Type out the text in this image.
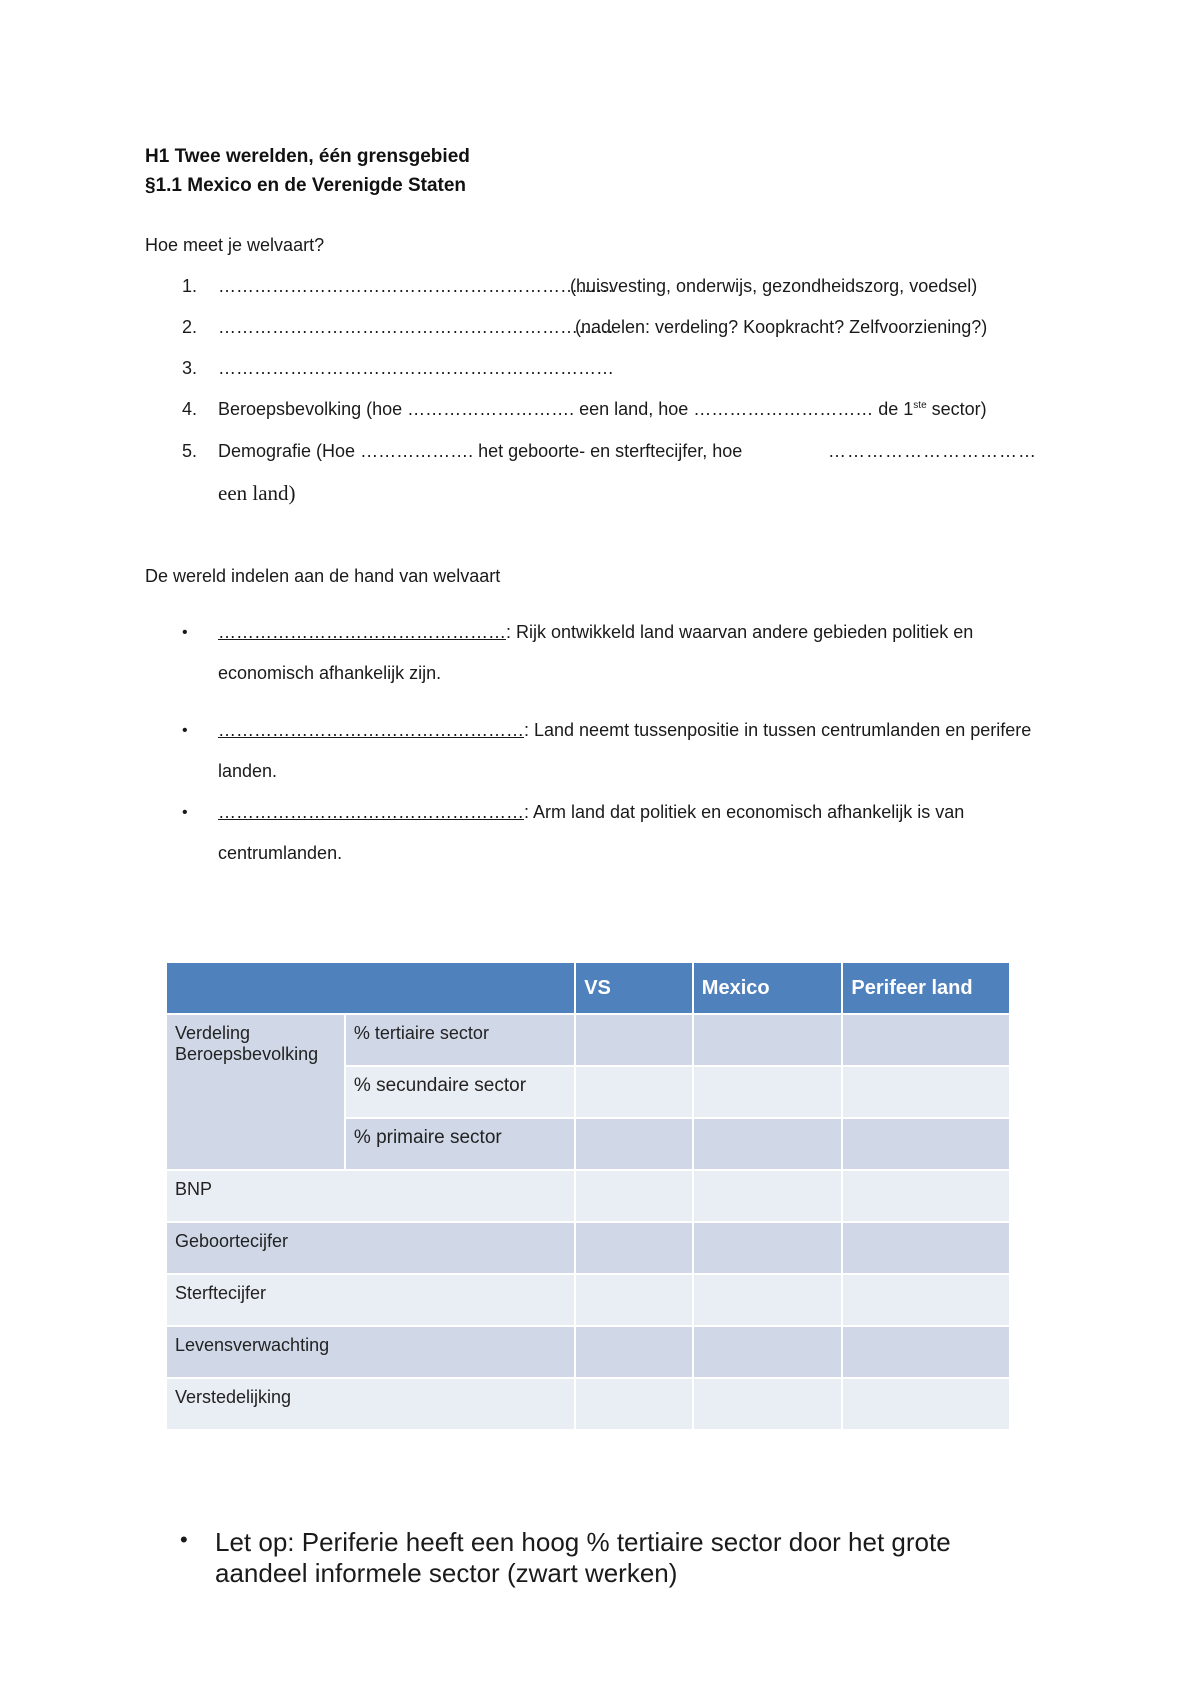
H1 Twee werelden, één grensgebied
§1.1 Mexico en de Verenigde Staten
Hoe meet je welvaart?
1. …………………………………………………………
(huisvesting, onderwijs, gezondheidszorg, voedsel)
2. …………………………………………………………
(nadelen: verdeling? Koopkracht? Zelfvoorziening?)
3. …………………………………………………………
4. Beroepsbevolking (hoe ………………………. een land, hoe ………………………… de 1ste sector)
5. Demografie (Hoe ………………. het geboorte- en sterftecijfer, hoe	……………………………
een land)
De wereld indelen aan de hand van welvaart
• …………………………………………: Rijk ontwikkeld land waarvan andere gebieden politiek en
economisch afhankelijk zijn.
• ……………………………………………: Land neemt tussenpositie in tussen centrumlanden en perifere
landen.
• ……………………………………………: Arm land dat politiek en economisch afhankelijk is van
centrumlanden.
		VS	Mexico	Perifeer land
Verdeling
Beroepsbevolking	% tertiaire sector			
	% secundaire sector			
	% primaire sector			
BNP				
Geboortecijfer				
Sterftecijfer				
Levensverwachting				
Verstedelijking				
• Let op: Periferie heeft een hoog % tertiaire sector door het grote aandeel informele sector (zwart werken)
